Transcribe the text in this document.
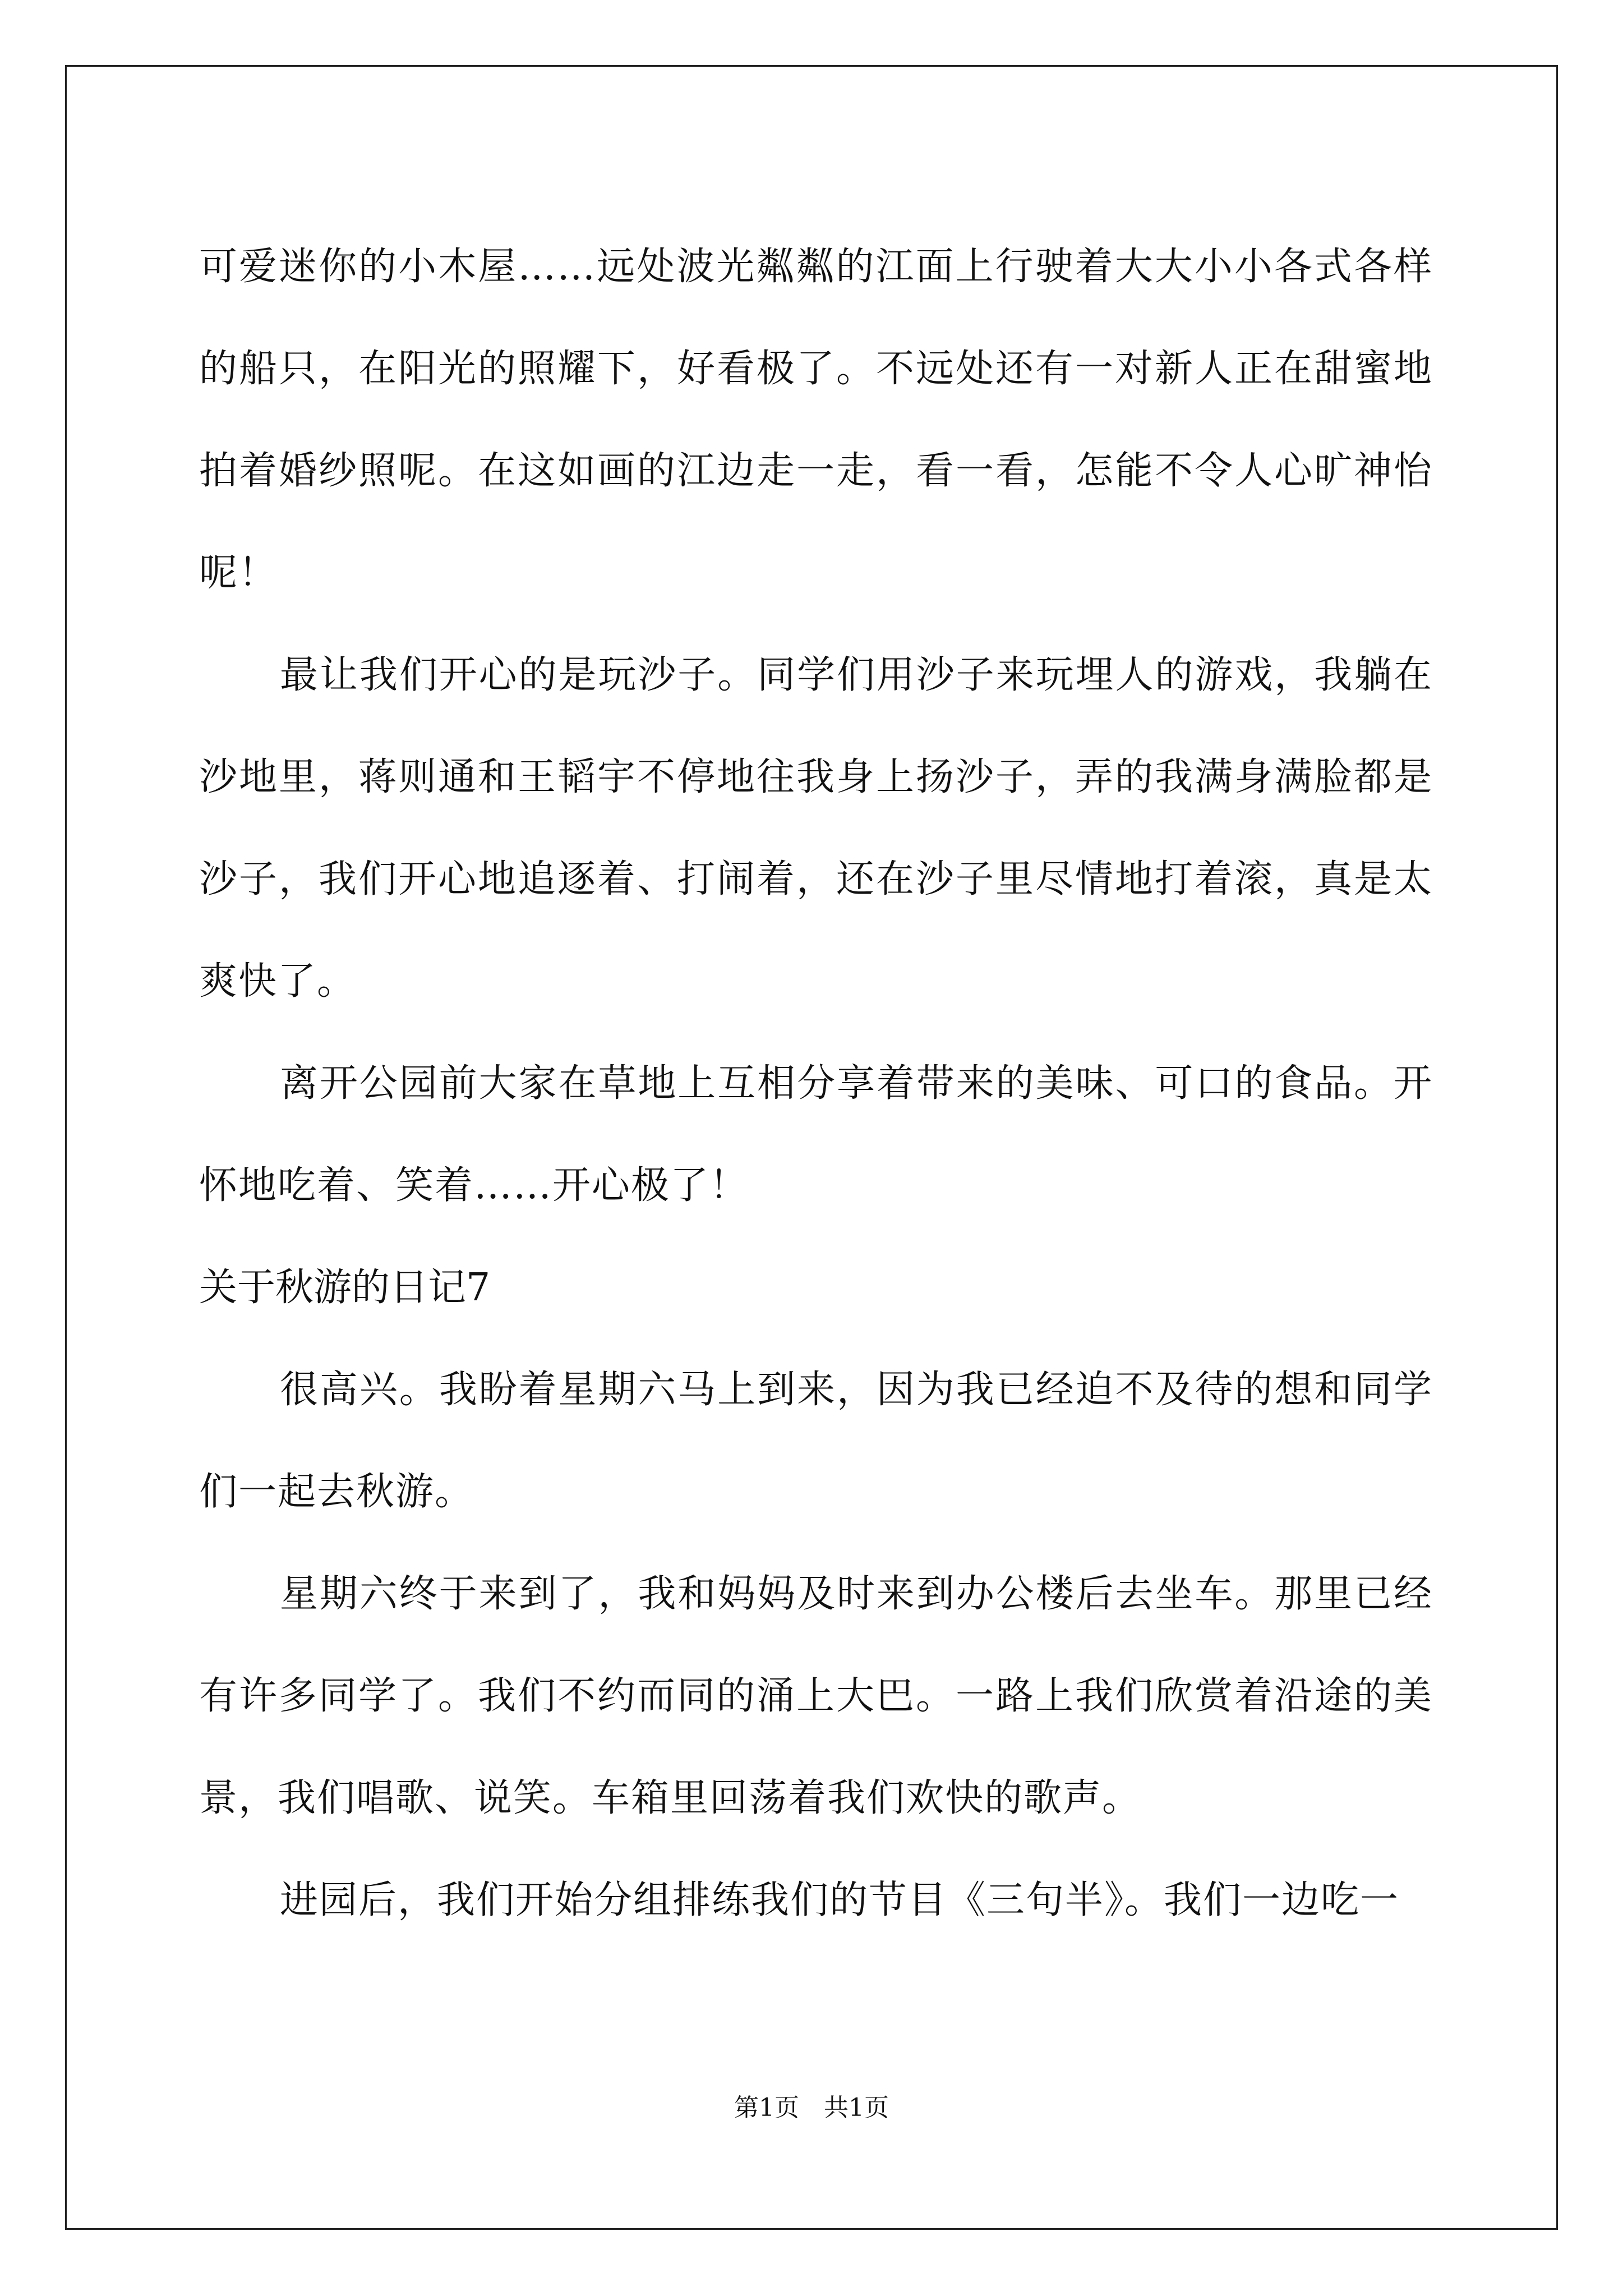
可爱迷你的小木屋……远处波光粼粼的江面上行驶着大大小小各式各样的船只，在阳光的照耀下，好看极了。不远处还有一对新人正在甜蜜地拍着婚纱照呢。在这如画的江边走一走，看一看，怎能不令人心旷神怡呢！

最让我们开心的是玩沙子。同学们用沙子来玩埋人的游戏，我躺在沙地里，蒋则通和王韬宇不停地往我身上扬沙子，弄的我满身满脸都是沙子，我们开心地追逐着、打闹着，还在沙子里尽情地打着滚，真是太爽快了。

离开公园前大家在草地上互相分享着带来的美味、可口的食品。开怀地吃着、笑着……开心极了！

关于秋游的日记7

很高兴。我盼着星期六马上到来，因为我已经迫不及待的想和同学们一起去秋游。

星期六终于来到了，我和妈妈及时来到办公楼后去坐车。那里已经有许多同学了。我们不约而同的涌上大巴。一路上我们欣赏着沿途的美景，我们唱歌、说笑。车箱里回荡着我们欢快的歌声。

进园后，我们开始分组排练我们的节目《三句半》。我们一边吃一

第1页　共1页
